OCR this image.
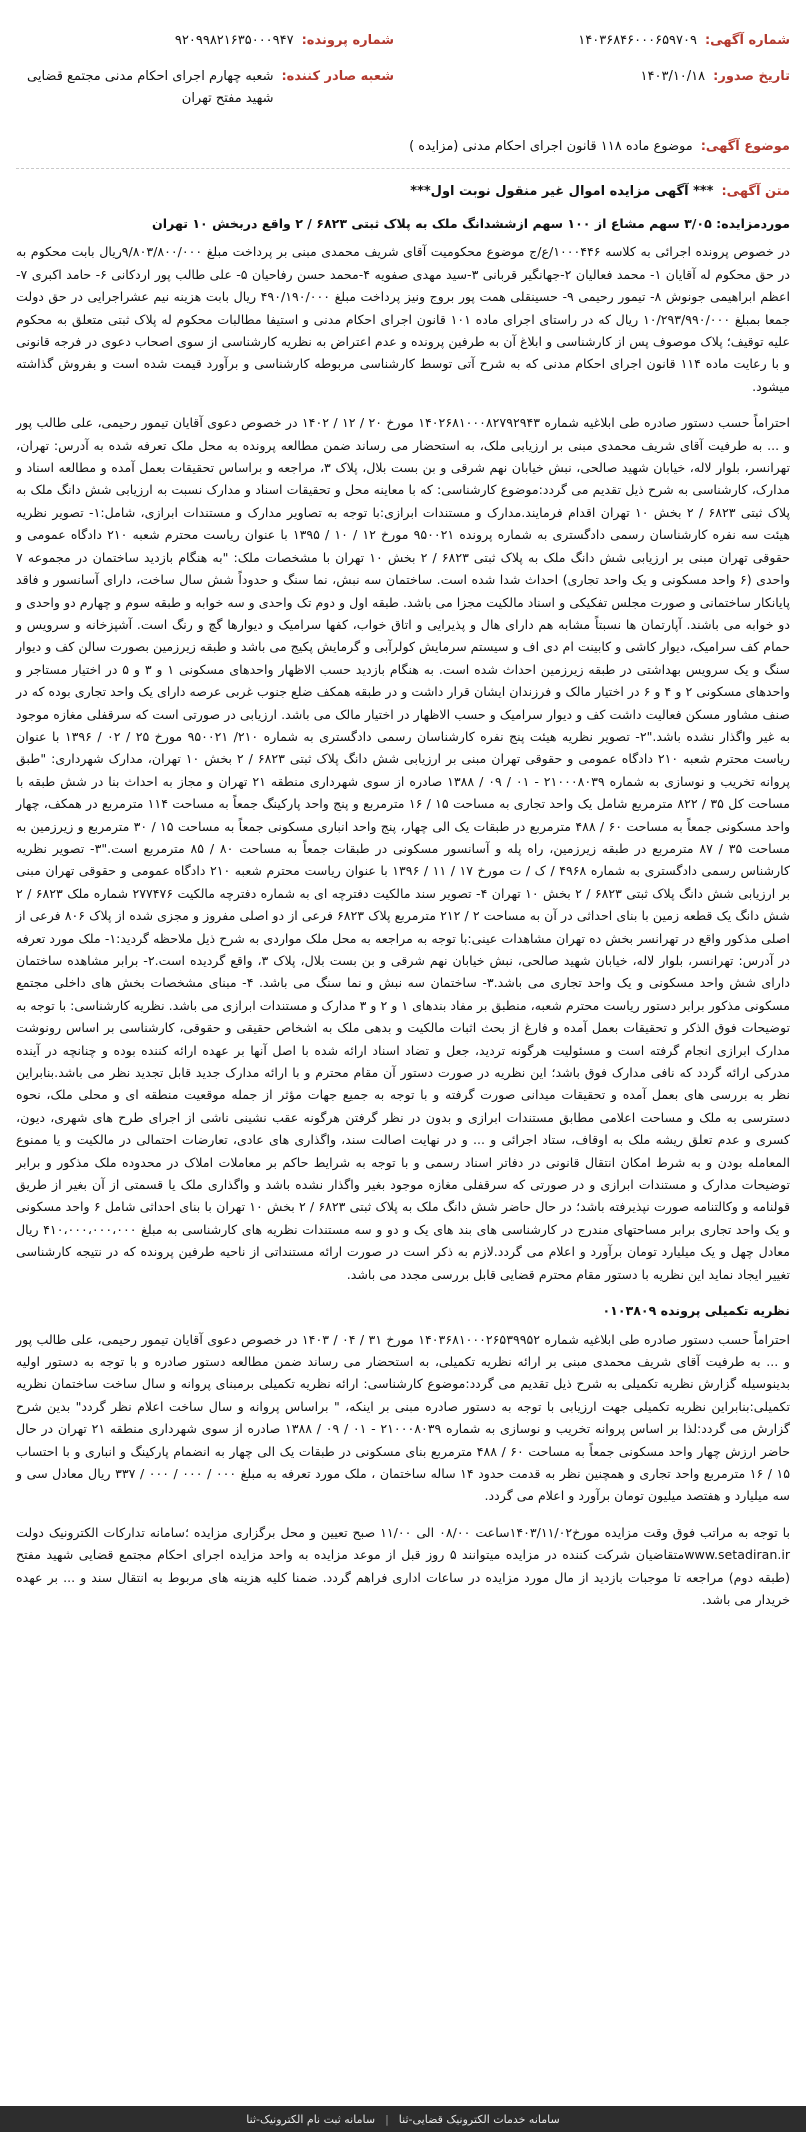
شماره آگهی:
۱۴۰۳۶۸۴۶۰۰۰۶۵۹۷۰۹
شماره پرونده:
۹۲۰۹۹۸۲۱۶۳۵۰۰۰۹۴۷
تاریخ صدور:
۱۴۰۳/۱۰/۱۸
شعبه صادر کننده:
شعبه چهارم اجرای احکام مدنی مجتمع قضایی شهید مفتح تهران
موضوع آگهی:
موضوع ماده ۱۱۸ قانون اجرای احکام مدنی (مزایده )
متن آگهی:
*** آگهی مزایده اموال غیر منقول نوبت اول***

موردمزایده: ۳/۰۵ سهم مشاع از ۱۰۰ سهم ازششدانگ ملک به پلاک ثبتی ۶۸۲۳ / ۲ واقع دربخش ۱۰ تهران

در خصوص پرونده اجرائی به کلاسه ۱۰۰۰۴۴۶/ع/ج موضوع محکومیت آقای شریف محمدی مبنی بر پرداخت مبلغ ۹/۸۰۳/۸۰۰/۰۰۰ریال بابت محکوم به در حق محکوم له آقایان ۱- محمد فعالیان ۲-جهانگیر قربانی ۳-سید مهدی صفویه ۴-محمد حسن رفاحیان ۵- علی طالب پور اردکانی ۶- حامد اکبری ۷- اعظم ابراهیمی جونوش ۸- تیمور رحیمی ۹- حسینقلی همت پور بروج ونیز پرداخت مبلغ ۴۹۰/۱۹۰/۰۰۰ ریال بابت هزینه نیم عشراجرایی در حق دولت جمعا بمبلغ ۱۰/۲۹۳/۹۹۰/۰۰۰ ریال که در راستای اجرای ماده ۱۰۱ قانون اجرای احکام مدنی و استیفا مطالبات محکوم له پلاک ثبتی متعلق به محکوم علیه توقیف؛ پلاک موصوف پس از کارشناسی و ابلاغ آن به طرفین پرونده و عدم اعتراض به نظریه کارشناسی از سوی اصحاب دعوی در فرجه قانونی و با رعایت ماده ۱۱۴ قانون اجرای احکام مدنی که به شرح آتی توسط کارشناسی مربوطه کارشناسی و برآورد قیمت شده است و بفروش گذاشته میشود.

احتراماً حسب دستور صادره طی ابلاغیه شماره ۱۴۰۲۶۸۱۰۰۰۸۲۷۹۲۹۴۳ مورخ ۲۰ / ۱۲ / ۱۴۰۲ در خصوص دعوی آقایان تیمور رحیمی، علی طالب پور و ... به طرفیت آقای شریف محمدی مبنی بر ارزیابی ملک، به استحضار می رساند ضمن مطالعه پرونده به محل ملک تعرفه شده به آدرس: تهران، تهرانسر، بلوار لاله، خیابان شهید صالحی، نبش خیابان نهم شرقی و بن بست بلال، پلاک ۳، مراجعه و براساس تحقیقات بعمل آمده و مطالعه اسناد و مدارک، کارشناسی به شرح ذیل تقدیم می گردد:موضوع کارشناسی: که با معاینه محل و تحقیقات اسناد و مدارک نسبت به ارزیابی شش دانگ ملک به پلاک ثبتی ۶۸۲۳ / ۲ بخش ۱۰ تهران اقدام فرمایند.مدارک و مستندات ابرازی:با توجه به تصاویر مدارک و مستندات ابرازی، شامل:۱- تصویر نظریه هیئت سه نفره کارشناسان رسمی دادگستری به شماره پرونده ۹۵۰۰۲۱ مورخ ۱۲ / ۱۰ / ۱۳۹۵ با عنوان ریاست محترم شعبه ۲۱۰ دادگاه عمومی و حقوقی تهران مبنی بر ارزیابی شش دانگ ملک به پلاک ثبتی ۶۸۲۳ / ۲ بخش ۱۰ تهران با مشخصات ملک: "به هنگام بازدید ساختمان در مجموعه ۷ واحدی (۶ واحد مسکونی و یک واحد تجاری) احداث شدا شده است. ساختمان سه نبش، نما سنگ و حدوداً شش سال ساخت، دارای آسانسور و فاقد پایانکار ساختمانی و صورت مجلس تفکیکی و اسناد مالکیت مجزا می باشد. طبقه اول و دوم تک واحدی و سه خوابه و طبقه سوم و چهارم دو واحدی و دو خوابه می باشند. آپارتمان ها نسبتاً مشابه هم دارای هال و پذیرایی و اتاق خواب، کفها سرامیک و دیوارها گچ و رنگ است. آشپزخانه و سرویس و حمام کف سرامیک، دیوار کاشی و کابینت ام دی اف و سیستم سرمایش کولرآبی و گرمایش پکیج می باشد و طبقه زیرزمین بصورت سالن کف و دیوار سنگ و یک سرویس بهداشتی در طبقه زیرزمین احداث شده است. به هنگام بازدید حسب الاظهار واحدهای مسکونی ۱ و ۳ و ۵ در اختیار مستاجر و واحدهای مسکونی ۲ و ۴ و ۶ در اختیار مالک و فرزندان ایشان قرار داشت و در طبقه همکف ضلع جنوب غربی عرصه دارای یک واحد تجاری بوده که در صنف مشاور مسکن فعالیت داشت کف و دیوار سرامیک و حسب الاظهار در اختیار مالک می باشد. ارزیابی در صورتی است که سرقفلی مغازه موجود به غیر واگذار نشده باشد."۲- تصویر نظریه هیئت پنج نفره کارشناسان رسمی دادگستری به شماره ۲۱۰/ ۹۵۰۰۲۱ مورخ ۲۵ / ۰۲ / ۱۳۹۶ با عنوان ریاست محترم شعبه ۲۱۰ دادگاه عمومی و حقوقی تهران مبنی بر ارزیابی شش دانگ پلاک ثبتی ۶۸۲۳ / ۲ بخش ۱۰ تهران، مدارک شهرداری: "طبق پروانه تخریب و نوسازی به شماره ۲۱۰۰۰۸۰۳۹ - ۰۱ / ۰۹ / ۱۳۸۸ صادره از سوی شهرداری منطقه ۲۱ تهران و مجاز به احداث بنا در شش طبقه با مساحت کل ۳۵ / ۸۲۲ مترمربع شامل یک واحد تجاری به مساحت ۱۵ / ۱۶ مترمربع و پنج واحد پارکینگ جمعاً به مساحت ۱۱۴ مترمربع در همکف، چهار واحد مسکونی جمعاً به مساحت ۶۰ / ۴۸۸ مترمربع در طبقات یک الی چهار، پنج واحد انباری مسکونی جمعاً به مساحت ۱۵ / ۳۰ مترمربع و زیرزمین به مساحت ۳۵ / ۸۷ مترمربع در طبقه زیرزمین، راه پله و آسانسور مسکونی در طبقات جمعاً به مساحت ۸۰ / ۸۵ مترمربع است."۳- تصویر نظریه کارشناس رسمی دادگستری به شماره ۴۹۶۸ / ک / ت مورخ ۱۷ / ۱۱ / ۱۳۹۶ با عنوان ریاست محترم شعبه ۲۱۰ دادگاه عمومی و حقوقی تهران مبنی بر ارزیابی شش دانگ پلاک ثبتی ۶۸۲۳ / ۲ بخش ۱۰ تهران ۴- تصویر سند مالکیت دفترچه ای به شماره دفترچه مالکیت ۲۷۷۴۷۶ شماره ملک ۶۸۲۳ / ۲ شش دانگ یک قطعه زمین با بنای احداثی در آن به مساحت ۲ / ۲۱۲ مترمربع پلاک ۶۸۲۳ فرعی از دو اصلی مفروز و مجزی شده از پلاک ۸۰۶ فرعی از اصلی مذکور واقع در تهرانسر بخش ده تهران مشاهدات عینی:با توجه به مراجعه به محل ملک مواردی به شرح ذیل ملاحظه گردید:۱- ملک مورد تعرفه در آدرس: تهرانسر، بلوار لاله، خیابان شهید صالحی، نبش خیابان نهم شرقی و بن بست بلال، پلاک ۳، واقع گردیده است.۲- برابر مشاهده ساختمان دارای شش واحد مسکونی و یک واحد تجاری می باشد.۳- ساختمان سه نبش و نما سنگ می باشد. ۴- مبنای مشخصات بخش های داخلی مجتمع مسکونی مذکور برابر دستور ریاست محترم شعبه، منطبق بر مفاد بندهای ۱ و ۲ و ۳ مدارک و مستندات ابرازی می باشد. نظریه کارشناسی: با توجه به توضیحات فوق الذکر و تحقیقات بعمل آمده و فارغ از بحث اثبات مالکیت و بدهی ملک به اشخاص حقیقی و حقوقی، کارشناسی بر اساس رونوشت مدارک ابرازی انجام گرفته است و مسئولیت هرگونه تردید، جعل و تضاد اسناد ارائه شده با اصل آنها بر عهده ارائه کننده بوده و چنانچه در آینده مدرکی ارائه گردد که نافی مدارک فوق باشد؛ این نظریه در صورت دستور آن مقام محترم و با ارائه مدارک جدید قابل تجدید نظر می باشد.بنابراین نظر به بررسی های بعمل آمده و تحقیقات میدانی صورت گرفته و با توجه به جمیع جهات مؤثر از جمله موقعیت منطقه ای و محلی ملک، نحوه دسترسی به ملک و مساحت اعلامی مطابق مستندات ابرازی و بدون در نظر گرفتن هرگونه عقب نشینی ناشی از اجرای طرح های شهری، دیون، کسری و عدم تعلق ریشه ملک به اوقاف، ستاد اجرائی و ... و در نهایت اصالت سند، واگذاری های عادی، تعارضات احتمالی در مالکیت و یا ممنوع المعامله بودن و به شرط امکان انتقال قانونی در دفاتر اسناد رسمی و با توجه به شرایط حاکم بر معاملات املاک در محدوده ملک مذکور و برابر توضیحات مدارک و مستندات ابرازی و در صورتی که سرقفلی مغازه موجود بغیر واگذار نشده باشد و واگذاری ملک یا قسمتی از آن بغیر از طریق قولنامه و وکالتنامه صورت نپذیرفته باشد؛ در حال حاضر شش دانگ ملک به پلاک ثبتی ۶۸۲۳ / ۲ بخش ۱۰ تهران با بنای احداثی شامل ۶ واحد مسکونی و یک واحد تجاری برابر مساحتهای مندرج در کارشناسی های بند های یک و دو و سه مستندات نظریه های کارشناسی به مبلغ ۴۱۰،۰۰۰،۰۰۰،۰۰۰ ریال معادل چهل و یک میلیارد تومان برآورد و اعلام می گردد.لازم به ذکر است در صورت ارائه مستنداتی از ناحیه طرفین پرونده که در نتیجه کارشناسی تغییر ایجاد نماید این نظریه با دستور مقام محترم قضایی قابل بررسی مجدد می باشد.

نظریه تکمیلی پرونده ۰۱۰۳۸۰۹

احتراماً حسب دستور صادره طی ابلاغیه شماره ۱۴۰۳۶۸۱۰۰۰۲۶۵۳۹۹۵۲ مورخ ۳۱ / ۰۴ / ۱۴۰۳ در خصوص دعوی آقایان تیمور رحیمی، علی طالب پور و ... به طرفیت آقای شریف محمدی مبنی بر ارائه نظریه تکمیلی، به استحضار می رساند ضمن مطالعه دستور صادره و با توجه به دستور اولیه بدینوسیله گزارش نظریه تکمیلی به شرح ذیل تقدیم می گردد:موضوع کارشناسی: ارائه نظریه تکمیلی برمبنای پروانه و سال ساخت ساختمان نظریه تکمیلی:بنابراین نظریه تکمیلی جهت ارزیابی با توجه به دستور صادره مبنی بر اینکه، " براساس پروانه و سال ساخت اعلام نظر گردد" بدین شرح گزارش می گردد:لذا بر اساس پروانه تخریب و نوسازی به شماره ۲۱۰۰۰۸۰۳۹ - ۰۱ / ۰۹ / ۱۳۸۸ صادره از سوی شهرداری منطقه ۲۱ تهران در حال حاضر ارزش چهار واحد مسکونی جمعاً به مساحت ۶۰ / ۴۸۸ مترمربع بنای مسکونی در طبقات یک الی چهار به انضمام پارکینگ و انباری و با احتساب ۱۵ / ۱۶ مترمربع واحد تجاری و همچنین نظر به قدمت حدود ۱۴ ساله ساختمان ، ملک مورد تعرفه به مبلغ ۰۰۰ / ۰۰۰ / ۰۰۰ / ۳۳۷ ریال معادل سی و سه میلیارد و هفتصد میلیون تومان برآورد و اعلام می گردد.

با توجه به مراتب فوق وقت مزایده مورخ۱۴۰۳/۱۱/۰۲ساعت ۰۸/۰۰ الی ۱۱/۰۰ صبح تعیین و محل برگزاری مزایده ؛سامانه تدارکات الکترونیک دولت www.setadiran.irمتقاضیان شرکت کننده در مزایده میتوانند ۵ روز قبل از موعد مزایده به واحد مزایده اجرای احکام مجتمع قضایی شهید مفتح (طبقه دوم) مراجعه تا موجبات بازدید از مال مورد مزایده در ساعات اداری فراهم گردد. ضمنا کلیه هزینه های مربوط به انتقال سند و ... بر عهده خریدار می باشد.

سامانه خدمات الکترونیک قضایی-ثنا
|
سامانه ثبت نام الکترونیک-ثنا
